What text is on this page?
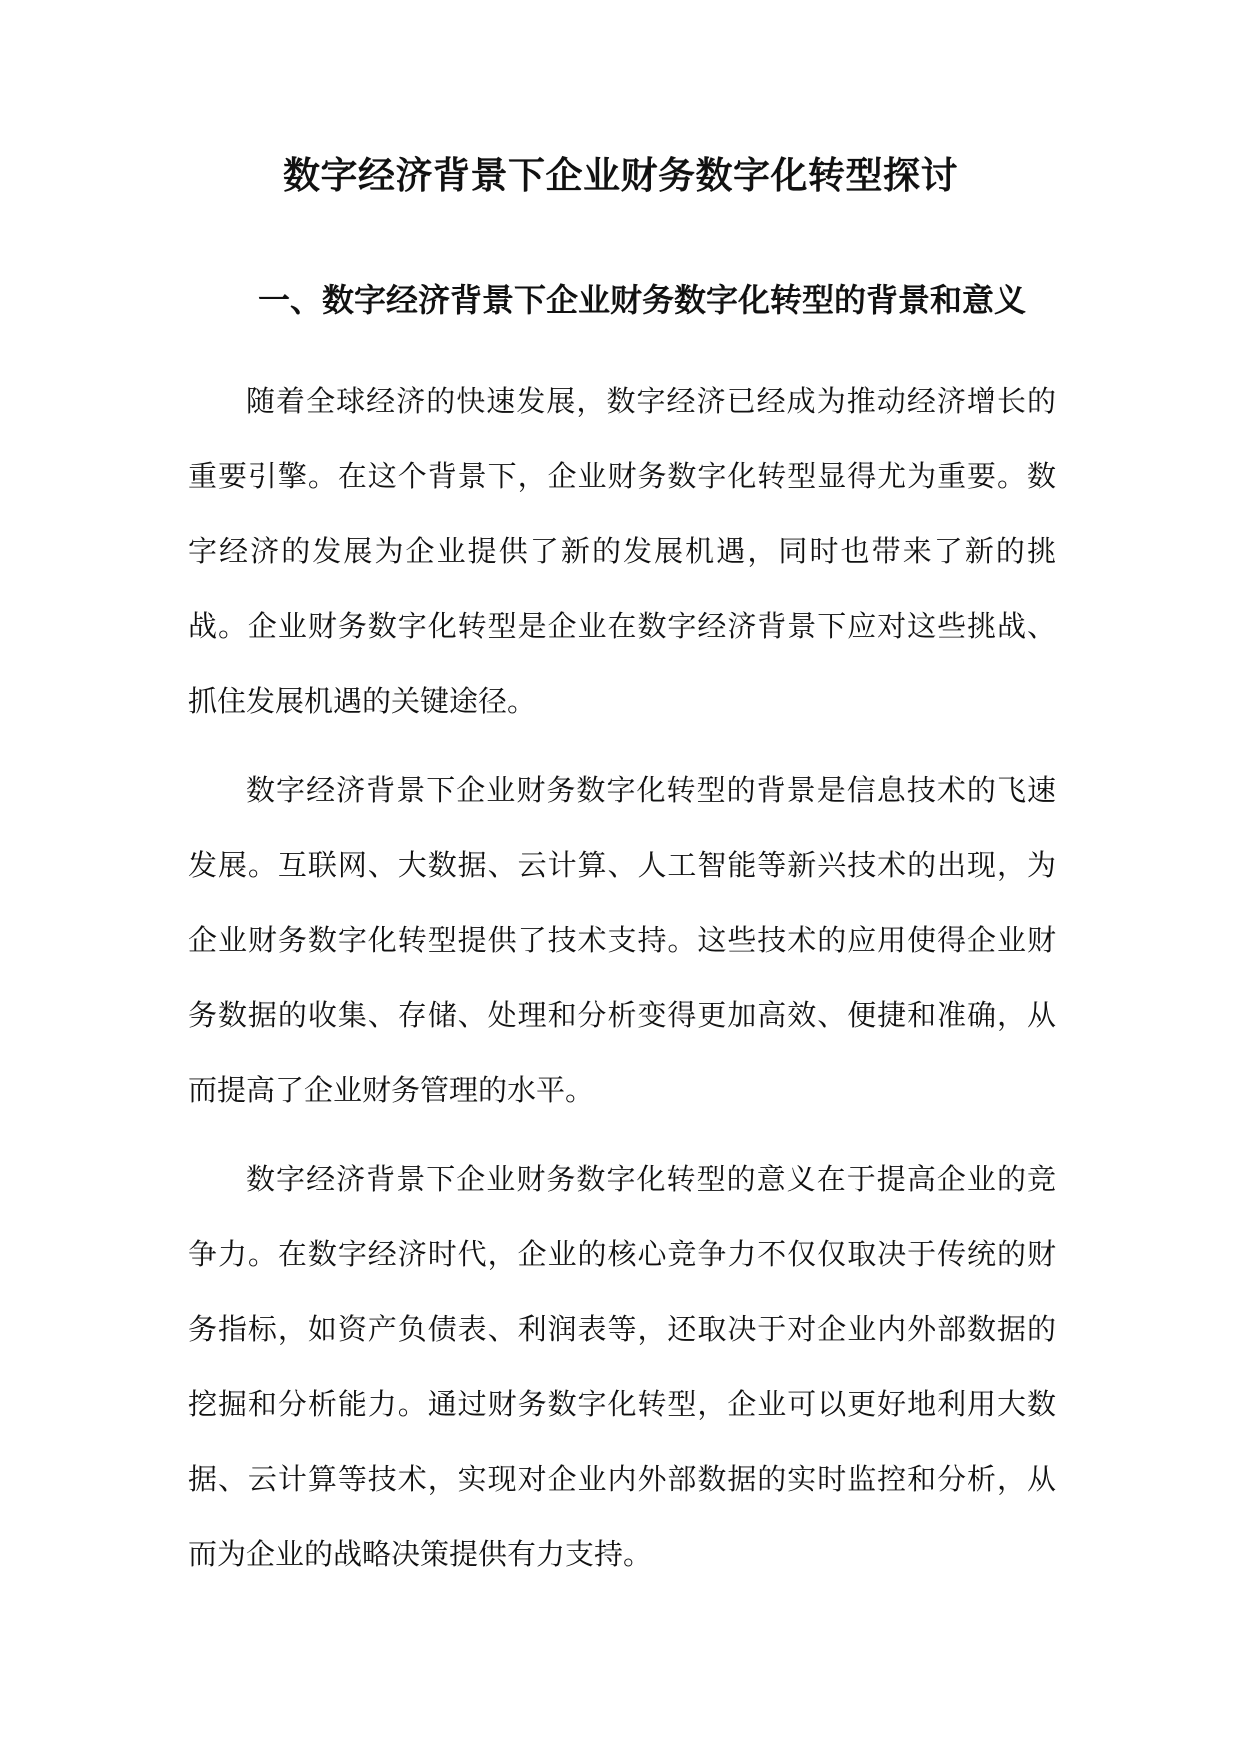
数字经济背景下企业财务数字化转型探讨
一、数字经济背景下企业财务数字化转型的背景和意义

随着全球经济的快速发展，数字经济已经成为推动经济增长的重要引擎。在这个背景下，企业财务数字化转型显得尤为重要。数字经济的发展为企业提供了新的发展机遇，同时也带来了新的挑战。企业财务数字化转型是企业在数字经济背景下应对这些挑战、抓住发展机遇的关键途径。

数字经济背景下企业财务数字化转型的背景是信息技术的飞速发展。互联网、大数据、云计算、人工智能等新兴技术的出现，为企业财务数字化转型提供了技术支持。这些技术的应用使得企业财务数据的收集、存储、处理和分析变得更加高效、便捷和准确，从而提高了企业财务管理的水平。

数字经济背景下企业财务数字化转型的意义在于提高企业的竞争力。在数字经济时代，企业的核心竞争力不仅仅取决于传统的财务指标，如资产负债表、利润表等，还取决于对企业内外部数据的挖掘和分析能力。通过财务数字化转型，企业可以更好地利用大数据、云计算等技术，实现对企业内外部数据的实时监控和分析，从而为企业的战略决策提供有力支持。
